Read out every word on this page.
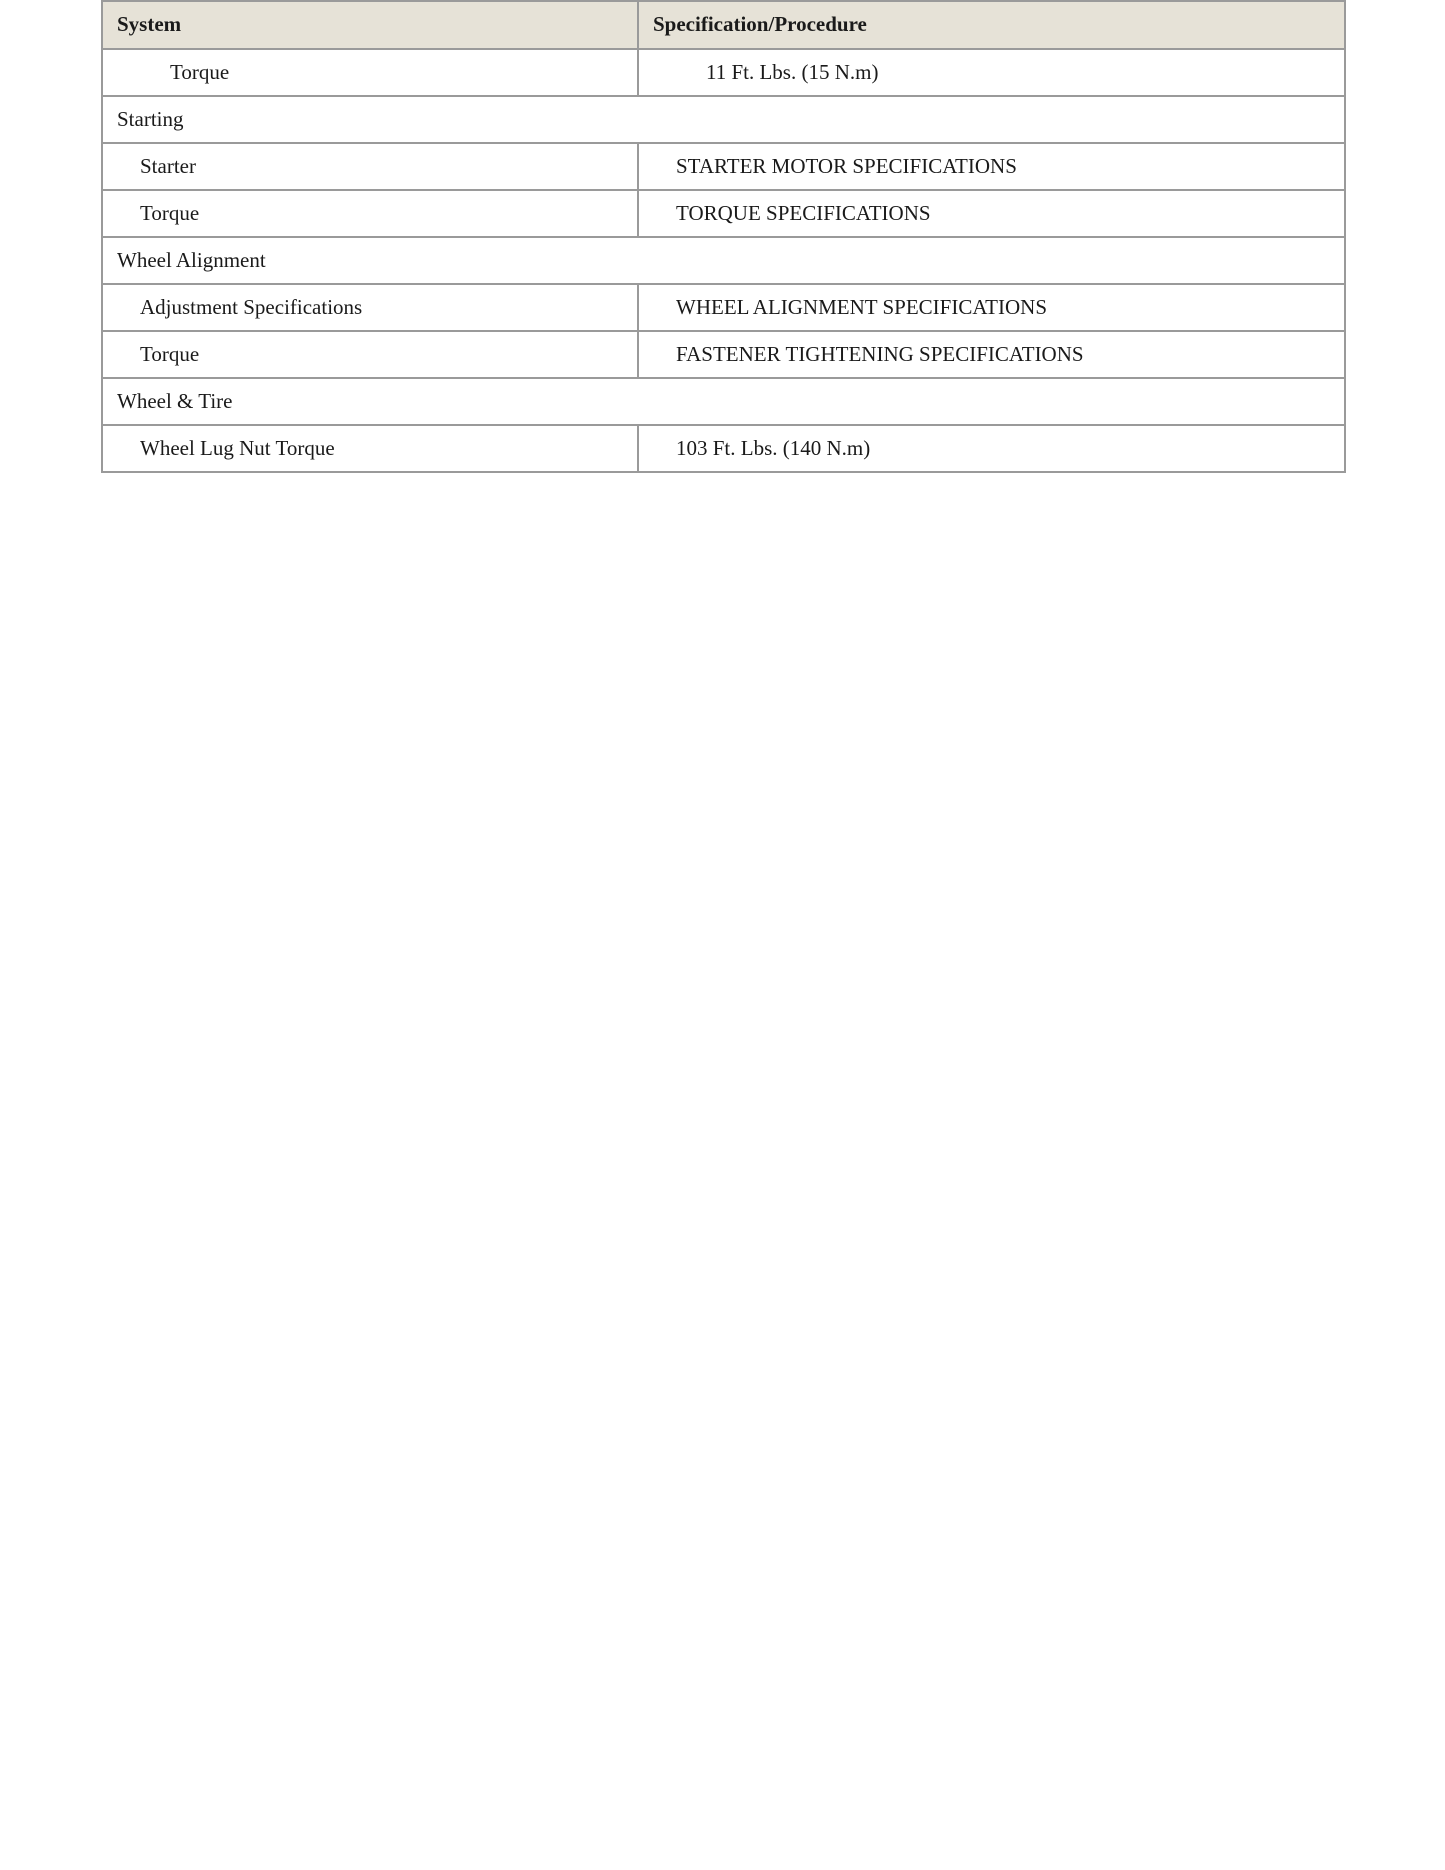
System	Specification/Procedure
Torque	11 Ft. Lbs. (15 N.m)
Starting	
Starter	STARTER MOTOR SPECIFICATIONS
Torque	TORQUE SPECIFICATIONS
Wheel Alignment	
Adjustment Specifications	WHEEL ALIGNMENT SPECIFICATIONS
Torque	FASTENER TIGHTENING SPECIFICATIONS
Wheel & Tire	
Wheel Lug Nut Torque	103 Ft. Lbs. (140 N.m)
